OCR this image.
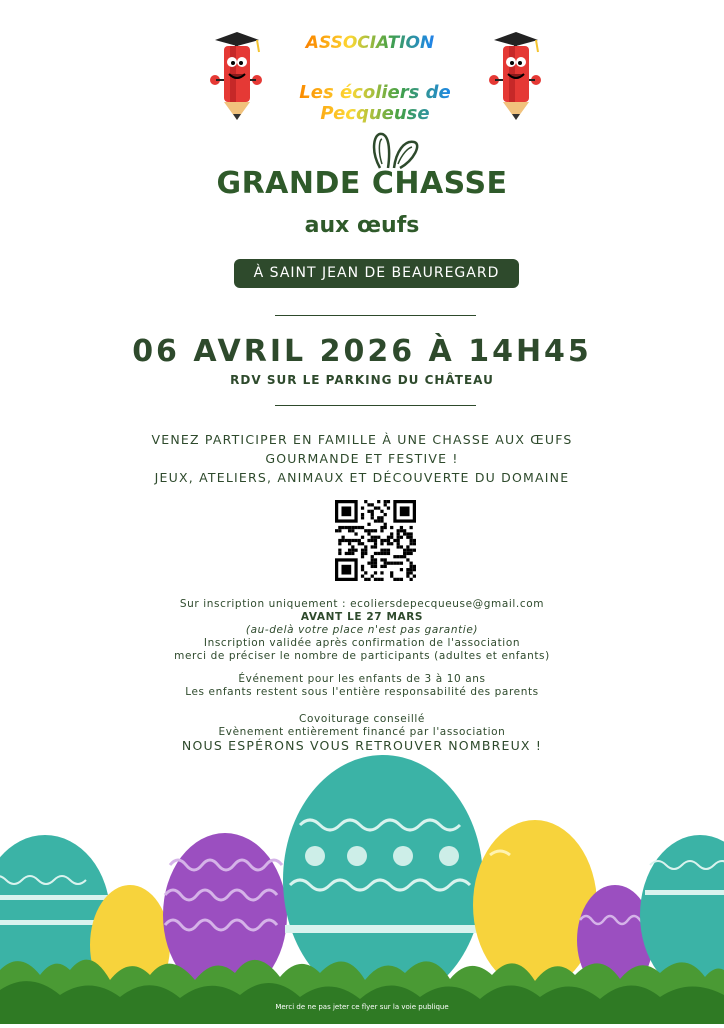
ASSOCIATION
Les écoliers de Pecqueuse
GRANDE CHASSE
aux œufs
À SAINT JEAN DE BEAUREGARD
06 AVRIL 2026 À 14H45
RDV SUR LE PARKING DU CHÂTEAU
VENEZ PARTICIPER EN FAMILLE À UNE CHASSE AUX ŒUFS
GOURMANDE ET FESTIVE !
JEUX, ATELIERS, ANIMAUX ET DÉCOUVERTE DU DOMAINE
Sur inscription uniquement : ecoliersdepecqueuse@gmail.com
AVANT LE 27 MARS
(au-delà votre place n'est pas garantie)
Inscription validée après confirmation de l'association
merci de préciser le nombre de participants (adultes et enfants)
Événement pour les enfants de 3 à 10 ans
Les enfants restent sous l'entière responsabilité des parents
Covoiturage conseillé
Evènement entièrement financé par l'association
NOUS ESPÉRONS VOUS RETROUVER NOMBREUX !
Merci de ne pas jeter ce flyer sur la voie publique
